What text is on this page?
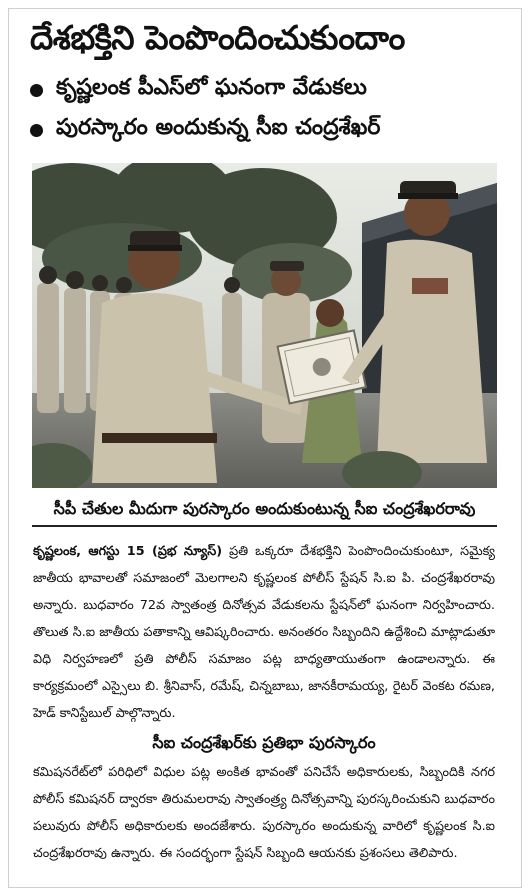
దేశభక్తిని పెంపొందించుకుందాం
కృష్ణలంక పీఎస్‌లో ఘనంగా వేడుకలు
పురస్కారం అందుకున్న సీఐ చంద్రశేఖర్
సీపీ చేతుల మీదుగా పురస్కారం అందుకుంటున్న సీఐ చంద్రశేఖరరావు

కృష్ణలంక, ఆగస్టు 15 (ప్రభ న్యూస్) ప్రతి ఒక్కరూ దేశభక్తిని పెంపొందించుకుంటూ, సమైక్య జాతీయ భావాలతో సమాజంలో మెలగాలని కృష్ణలంక పోలీస్ స్టేషన్ సి.ఐ పి. చంద్రశేఖరరావు అన్నారు. బుధవారం 72వ స్వాతంత్ర దినోత్సవ వేడుకలను స్టేషన్‌లో ఘనంగా నిర్వహించారు. తొలుత సి.ఐ జాతీయ పతాకాన్ని ఆవిష్కరించారు. అనంతరం సిబ్బందిని ఉద్దేశించి మాట్లాడుతూ విధి నిర్వహణలో ప్రతి పోలీస్ సమాజం పట్ల బాధ్యతాయుతంగా ఉండాలన్నారు. ఈ కార్యక్రమంలో ఎస్సైలు బి. శ్రీనివాస్, రమేష్, చిన్నబాబు, జానకీరామయ్య, రైటర్ వెంకట రమణ, హెడ్ కానిస్టేబుల్ పాల్గొన్నారు.

సీఐ చంద్రశేఖర్‌కు ప్రతిభా పురస్కారం

కమిషనరేట్‌లో పరిధిలో విధుల పట్ల అంకిత భావంతో పనిచేసే అధికారులకు, సిబ్బందికి నగర పోలీస్ కమిషనర్ ద్వారకా తిరుమలరావు స్వాతంత్ర్య దినోత్సవాన్ని పురస్కరించుకుని బుధవారం పలువురు పోలీస్ అధికారులకు అందజేశారు. పురస్కారం అందుకున్న వారిలో కృష్ణలంక సి.ఐ చంద్రశేఖరరావు ఉన్నారు. ఈ సందర్భంగా స్టేషన్ సిబ్బంది ఆయనకు ప్రశంసలు తెలిపారు.
